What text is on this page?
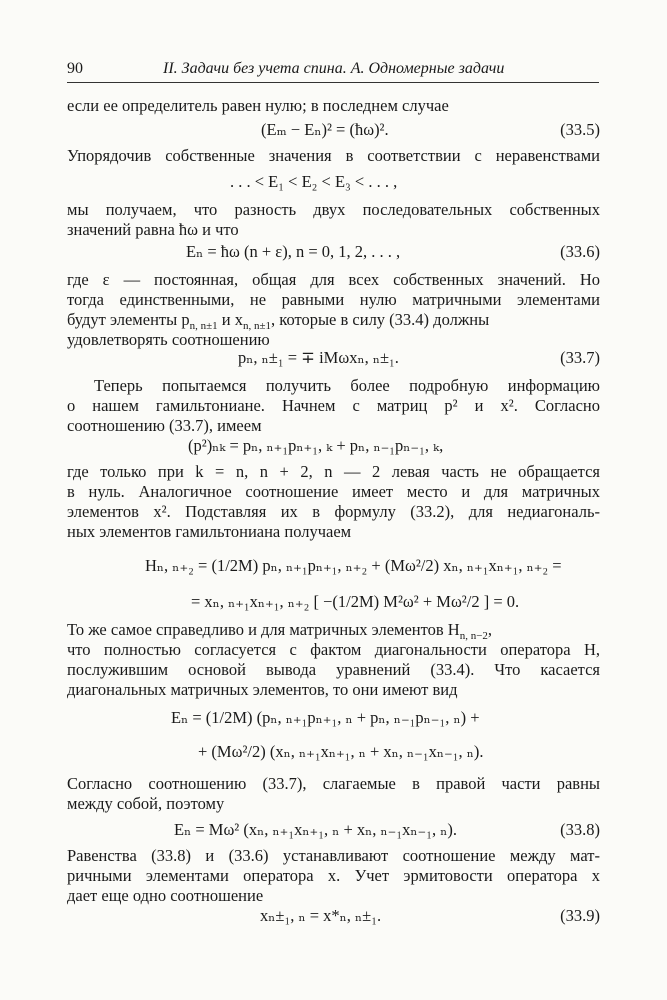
90	II. Задачи без учета спина. А. Одномерные задачи
если ее определитель равен нулю; в последнем случае
(Eₘ − Eₙ)² = (ħω)².	(33.5)
Упорядочив собственные значения в соответствии с неравенствами
. . . < E₁ < E₂ < E₃ < . . . ,
мы получаем, что разность двух последовательных собственных
значений равна ħω и что
Eₙ = ħω (n + ε), n = 0, 1, 2, . . . ,	(33.6)
где ε — постоянная, общая для всех собственных значений. Но
тогда единственными, не равными нулю матричными элементами
будут элементы $p_{n, n\pm 1}$ и $x_{n, n\pm 1}$, которые в силу (33.4) должны
удовлетворять соотношению
pₙ, ₙ±₁ = ∓ iMωxₙ, ₙ±₁.	(33.7)
Теперь попытаемся получить более подробную информацию
о нашем гамильтониане. Начнем с матриц p² и x². Согласно
соотношению (33.7), имеем
(p²)ₙₖ = pₙ, ₙ₊₁pₙ₊₁, ₖ + pₙ, ₙ₋₁pₙ₋₁, ₖ,
где только при k = n, n + 2, n — 2 левая часть не обращается
в нуль. Аналогичное соотношение имеет место и для матричных
элементов x². Подставляя их в формулу (33.2), для недиагональ-
ных элементов гамильтониана получаем
Hₙ, ₙ₊₂ = (1/2M) pₙ, ₙ₊₁pₙ₊₁, ₙ₊₂ + (Mω²/2) xₙ, ₙ₊₁xₙ₊₁, ₙ₊₂ =
= xₙ, ₙ₊₁xₙ₊₁, ₙ₊₂ [ −(1/2M) M²ω² + Mω²/2 ] = 0.
То же самое справедливо и для матричных элементов $H_{n, n-2}$,
что полностью согласуется с фактом диагональности оператора H,
послужившим основой вывода уравнений (33.4). Что касается
диагональных матричных элементов, то они имеют вид
Eₙ = (1/2M) (pₙ, ₙ₊₁pₙ₊₁, ₙ + pₙ, ₙ₋₁pₙ₋₁, ₙ) +
+ (Mω²/2) (xₙ, ₙ₊₁xₙ₊₁, ₙ + xₙ, ₙ₋₁xₙ₋₁, ₙ).
Согласно соотношению (33.7), слагаемые в правой части равны
между собой, поэтому
Eₙ = Mω² (xₙ, ₙ₊₁xₙ₊₁, ₙ + xₙ, ₙ₋₁xₙ₋₁, ₙ).	(33.8)
Равенства (33.8) и (33.6) устанавливают соотношение между мат-
ричными элементами оператора x. Учет эрмитовости оператора x
дает еще одно соотношение
xₙ±₁, ₙ = x*ₙ, ₙ±₁.	(33.9)
